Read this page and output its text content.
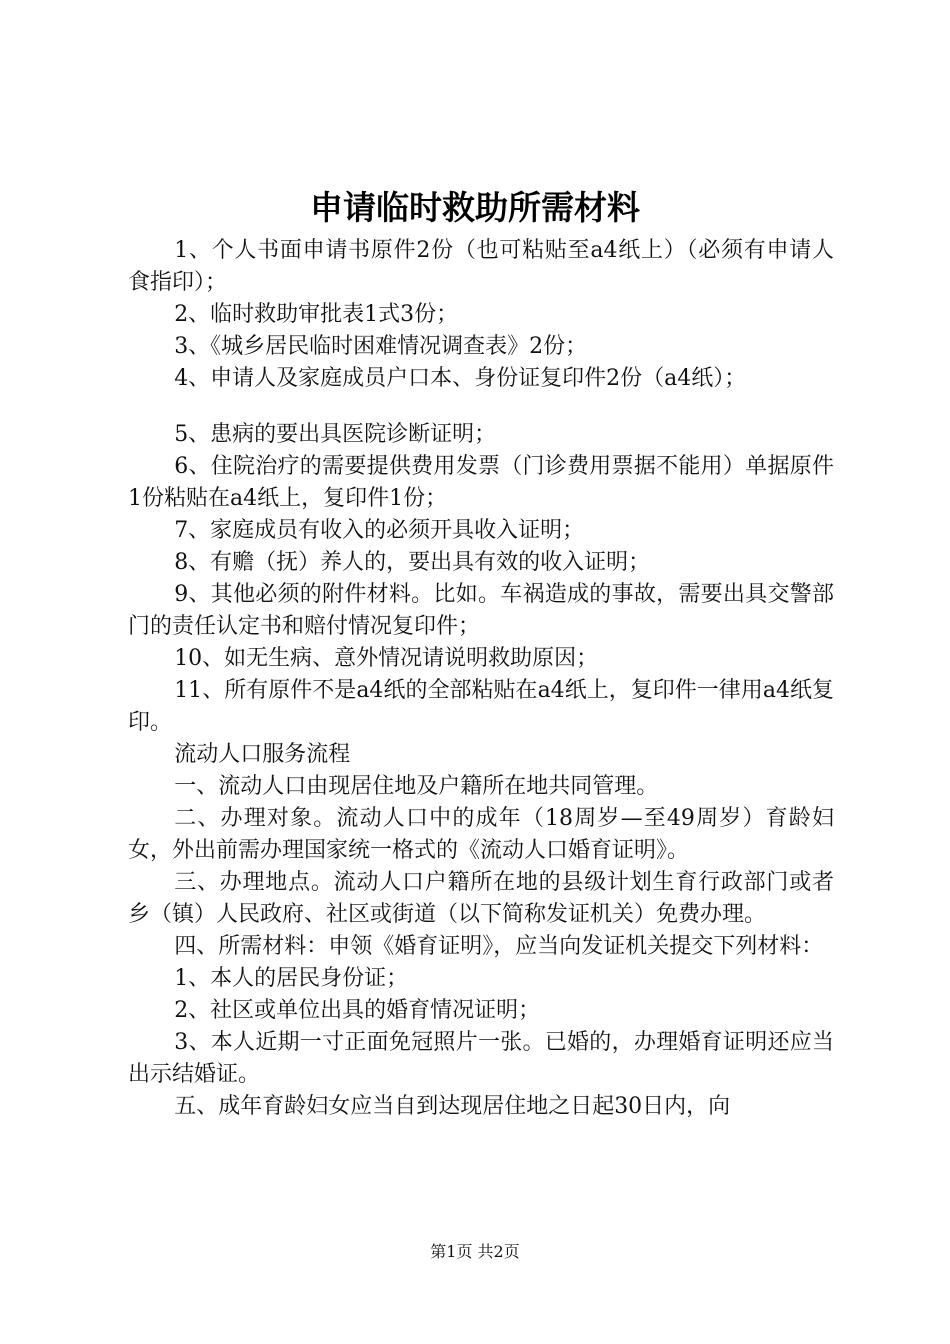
申请临时救助所需材料

1、个人书面申请书原件2份（也可粘贴至a4纸上）（必须有申请人食指印）；

2、临时救助审批表1式3份；

3、《城乡居民临时困难情况调查表》2份；

4、申请人及家庭成员户口本、身份证复印件2份（a4纸）；

5、患病的要出具医院诊断证明；

6、住院治疗的需要提供费用发票（门诊费用票据不能用）单据原件1份粘贴在a4纸上，复印件1份；

7、家庭成员有收入的必须开具收入证明；

8、有赡（抚）养人的，要出具有效的收入证明；

9、其他必须的附件材料。比如。车祸造成的事故，需要出具交警部门的责任认定书和赔付情况复印件；

10、如无生病、意外情况请说明救助原因；

11、所有原件不是a4纸的全部粘贴在a4纸上，复印件一律用a4纸复印。

流动人口服务流程

一、流动人口由现居住地及户籍所在地共同管理。

二、办理对象。流动人口中的成年（18周岁—至49周岁）育龄妇女，外出前需办理国家统一格式的《流动人口婚育证明》。

三、办理地点。流动人口户籍所在地的县级计划生育行政部门或者乡（镇）人民政府、社区或街道（以下简称发证机关）免费办理。

四、所需材料：申领《婚育证明》，应当向发证机关提交下列材料：

1、本人的居民身份证；

2、社区或单位出具的婚育情况证明；

3、本人近期一寸正面免冠照片一张。已婚的，办理婚育证明还应当出示结婚证。

五、成年育龄妇女应当自到达现居住地之日起30日内，向

第1页 共2页
